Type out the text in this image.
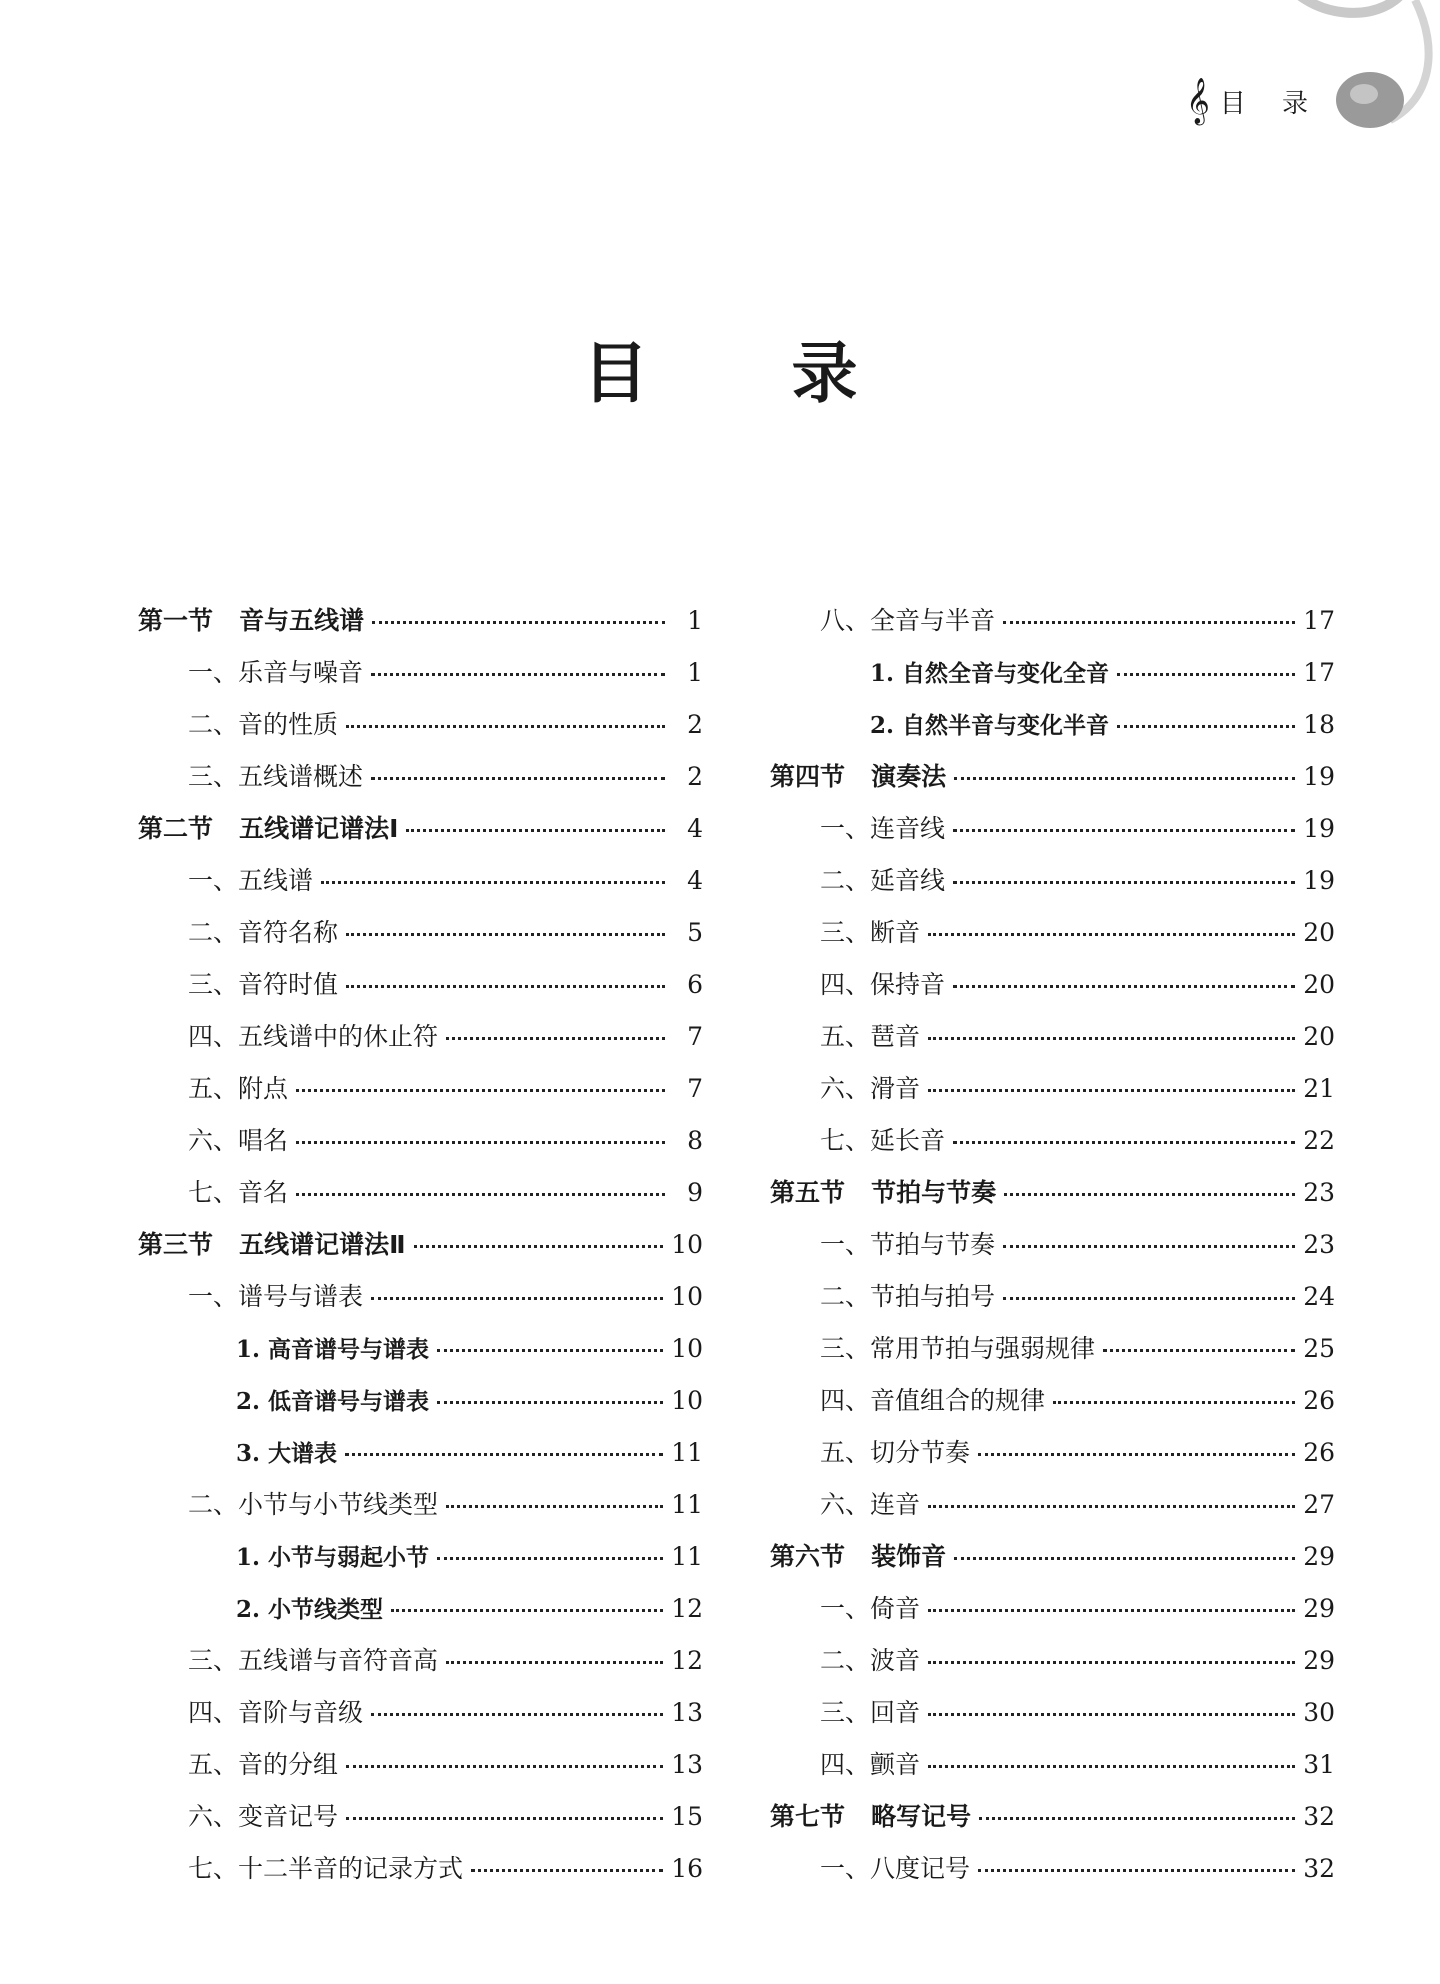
𝄞 目 录
目 录
第一节   音与五线谱	1
一、乐音与噪音	1
二、音的性质	2
三、五线谱概述	2
第二节   五线谱记谱法Ⅰ	4
一、五线谱	4
二、音符名称	5
三、音符时值	6
四、五线谱中的休止符	7
五、附点	7
六、唱名	8
七、音名	9
第三节   五线谱记谱法Ⅱ	10
一、谱号与谱表	10
1. 高音谱号与谱表	10
2. 低音谱号与谱表	10
3. 大谱表	11
二、小节与小节线类型	11
1. 小节与弱起小节	11
2. 小节线类型	12
三、五线谱与音符音高	12
四、音阶与音级	13
五、音的分组	13
六、变音记号	15
七、十二半音的记录方式	16
八、全音与半音	17
1. 自然全音与变化全音	17
2. 自然半音与变化半音	18
第四节   演奏法	19
一、连音线	19
二、延音线	19
三、断音	20
四、保持音	20
五、琶音	20
六、滑音	21
七、延长音	22
第五节   节拍与节奏	23
一、节拍与节奏	23
二、节拍与拍号	24
三、常用节拍与强弱规律	25
四、音值组合的规律	26
五、切分节奏	26
六、连音	27
第六节   装饰音	29
一、倚音	29
二、波音	29
三、回音	30
四、颤音	31
第七节   略写记号	32
一、八度记号	32
